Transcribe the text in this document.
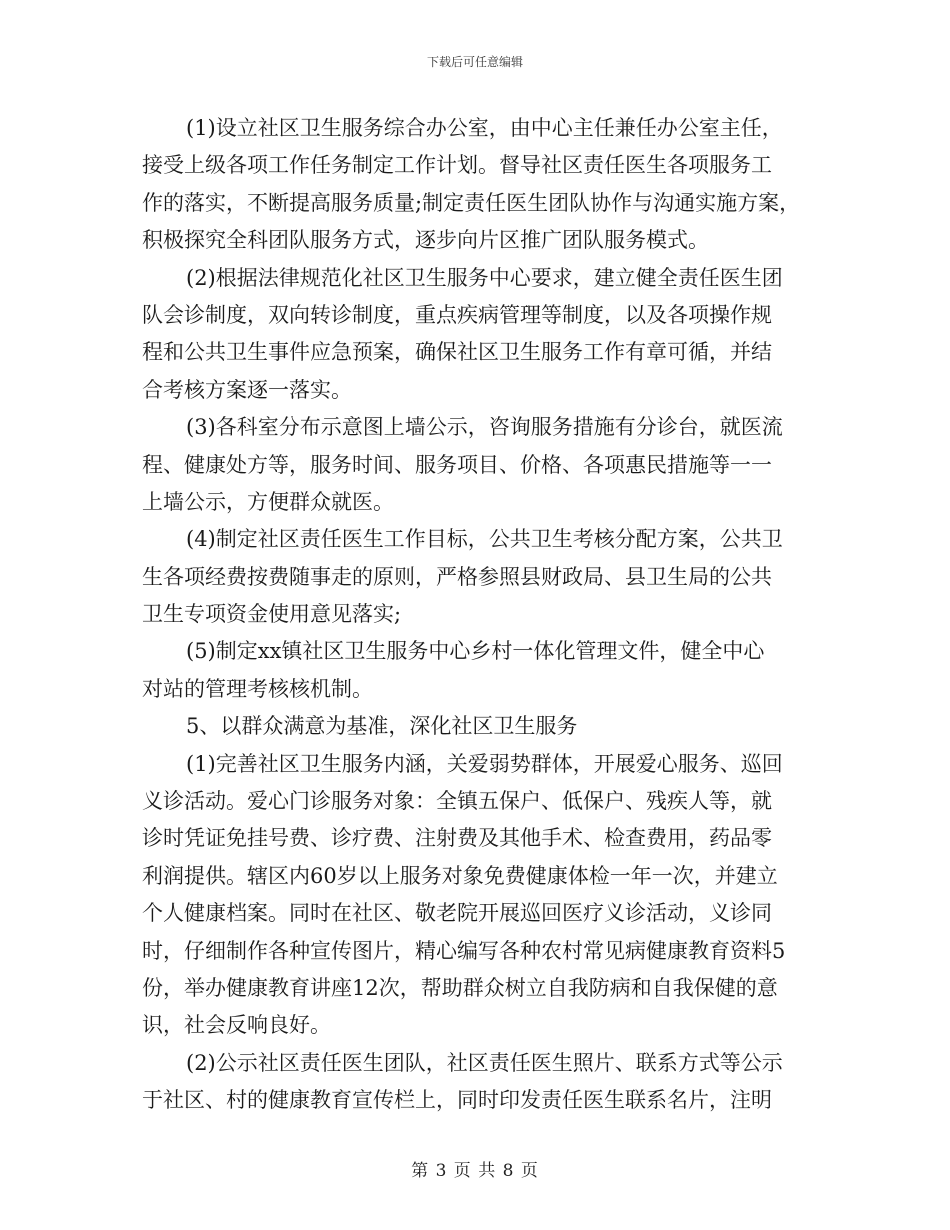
下载后可任意编辑
(1)设立社区卫生服务综合办公室，由中心主任兼任办公室主任，
接受上级各项工作任务制定工作计划。督导社区责任医生各项服务工
作的落实，不断提高服务质量;制定责任医生团队协作与沟通实施方案，
积极探究全科团队服务方式，逐步向片区推广团队服务模式。
(2)根据法律规范化社区卫生服务中心要求，建立健全责任医生团
队会诊制度，双向转诊制度，重点疾病管理等制度，以及各项操作规
程和公共卫生事件应急预案，确保社区卫生服务工作有章可循，并结
合考核方案逐一落实。
(3)各科室分布示意图上墙公示，咨询服务措施有分诊台，就医流
程、健康处方等，服务时间、服务项目、价格、各项惠民措施等一一
上墙公示，方便群众就医。
(4)制定社区责任医生工作目标，公共卫生考核分配方案，公共卫
生各项经费按费随事走的原则，严格参照县财政局、县卫生局的公共
卫生专项资金使用意见落实;
(5)制定xx镇社区卫生服务中心乡村一体化管理文件，健全中心
对站的管理考核核机制。
5、以群众满意为基准，深化社区卫生服务
(1)完善社区卫生服务内涵，关爱弱势群体，开展爱心服务、巡回
义诊活动。爱心门诊服务对象：全镇五保户、低保户、残疾人等，就
诊时凭证免挂号费、诊疗费、注射费及其他手术、检查费用，药品零
利润提供。辖区内60岁以上服务对象免费健康体检一年一次，并建立
个人健康档案。同时在社区、敬老院开展巡回医疗义诊活动，义诊同
时，仔细制作各种宣传图片，精心编写各种农村常见病健康教育资料5
份，举办健康教育讲座12次，帮助群众树立自我防病和自我保健的意
识，社会反响良好。
(2)公示社区责任医生团队，社区责任医生照片、联系方式等公示
于社区、村的健康教育宣传栏上，同时印发责任医生联系名片，注明
第 3 页 共 8 页
